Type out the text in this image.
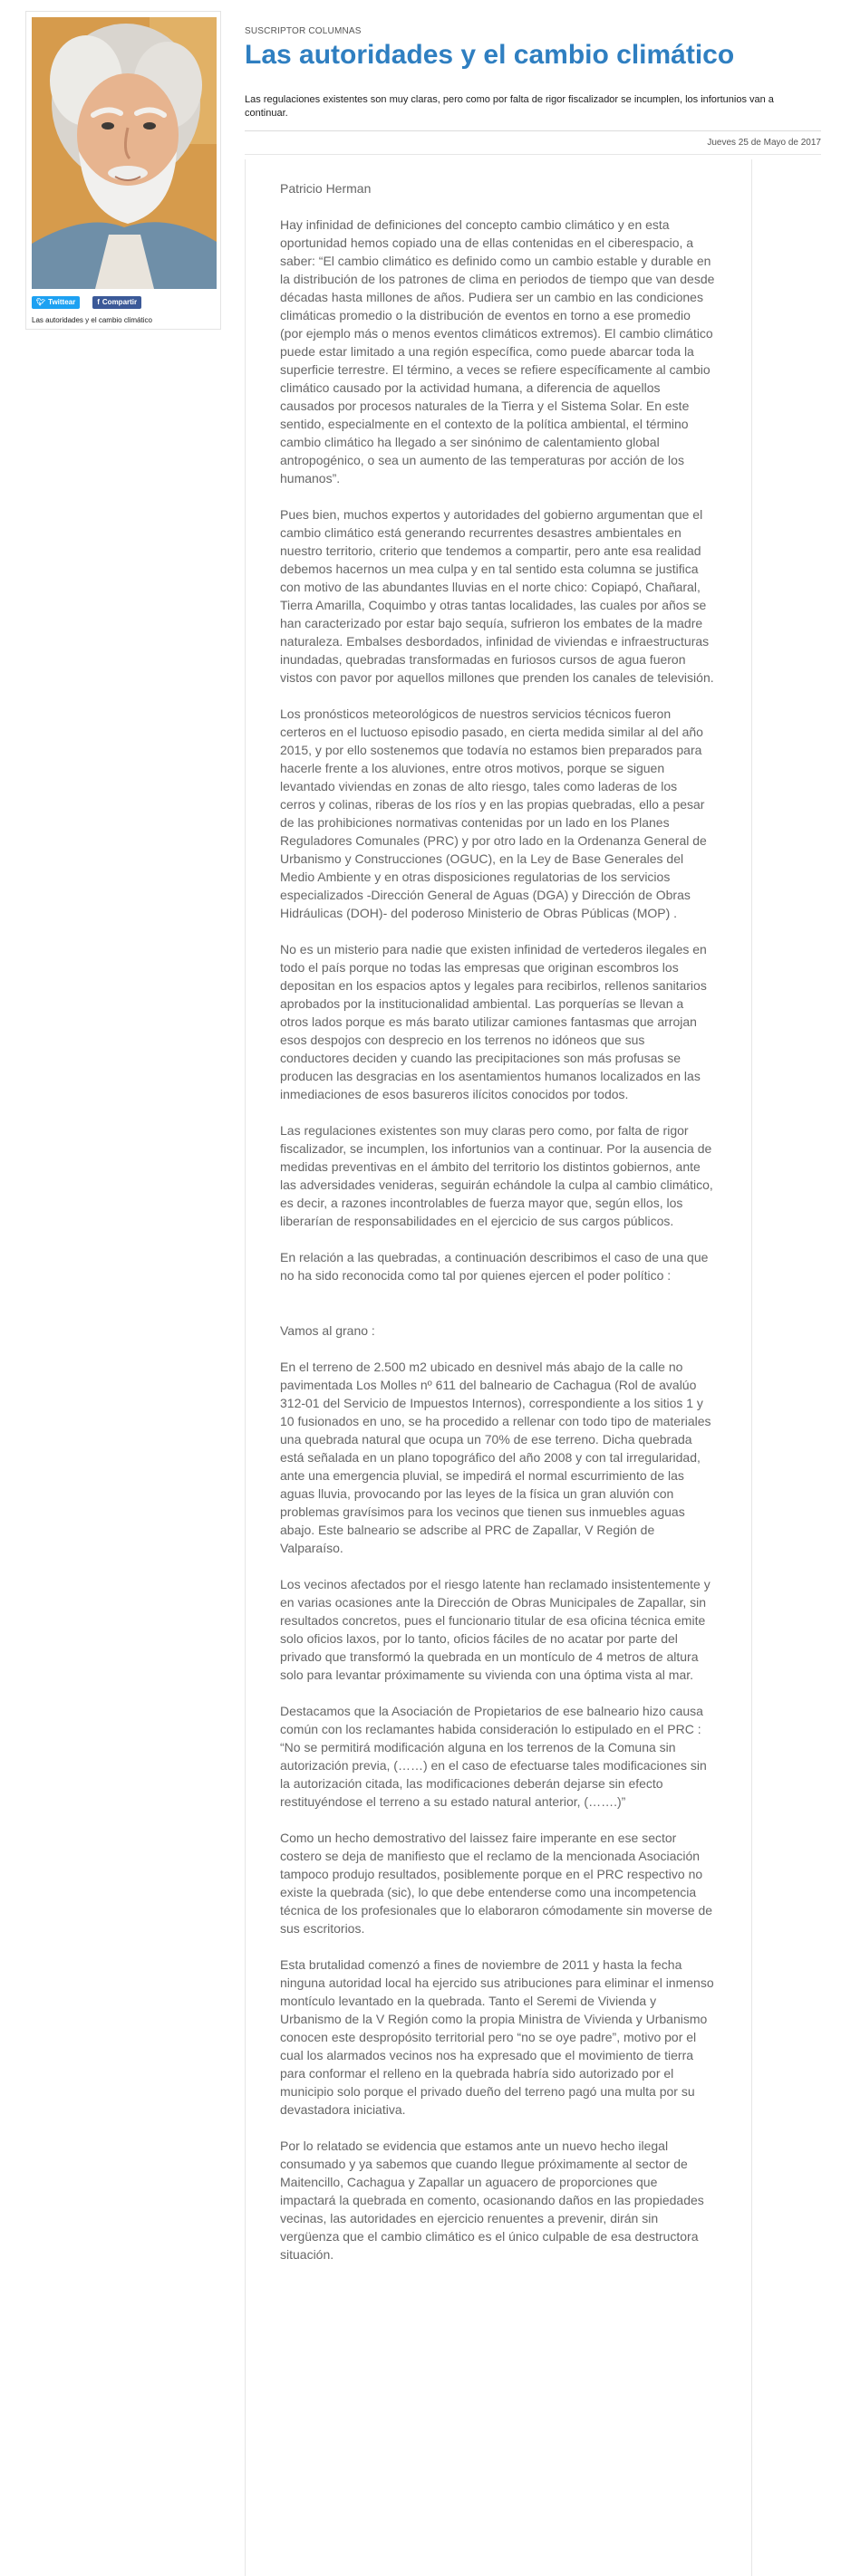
🐦︎ Twittear	f Compartir
Las autoridades y el cambio climático
SUSCRIPTOR COLUMNAS
Las autoridades y el cambio climático

Las regulaciones existentes son muy claras, pero como por falta de rigor fiscalizador se incumplen, los infortunios van a continuar.

Jueves 25 de Mayo de 2017

Patricio Herman

Hay infinidad de definiciones del concepto cambio climático y en esta oportunidad hemos copiado una de ellas contenidas en el ciberespacio, a saber: “El cambio climático es definido como un cambio estable y durable en la distribución de los patrones de clima en periodos de tiempo que van desde décadas hasta millones de años. Pudiera ser un cambio en las condiciones climáticas promedio o la distribución de eventos en torno a ese promedio (por ejemplo más o menos eventos climáticos extremos). El cambio climático puede estar limitado a una región específica, como puede abarcar toda la superficie terrestre. El término, a veces se refiere específicamente al cambio climático causado por la actividad humana, a diferencia de aquellos causados por procesos naturales de la Tierra y el Sistema Solar. En este sentido, especialmente en el contexto de la política ambiental, el término cambio climático ha llegado a ser sinónimo de calentamiento global antropogénico, o sea un aumento de las temperaturas por acción de los humanos”.

Pues bien, muchos expertos y autoridades del gobierno argumentan que el cambio climático está generando recurrentes desastres ambientales en nuestro territorio, criterio que tendemos a compartir, pero ante esa realidad debemos hacernos un mea culpa y en tal sentido esta columna se justifica con motivo de las abundantes lluvias en el norte chico: Copiapó, Chañaral, Tierra Amarilla, Coquimbo y otras tantas localidades, las cuales por años se han caracterizado por estar bajo sequía, sufrieron los embates de la madre naturaleza. Embalses desbordados, infinidad de viviendas e infraestructuras inundadas, quebradas transformadas en furiosos cursos de agua fueron vistos con pavor por aquellos millones que prenden los canales de televisión.

Los pronósticos meteorológicos de nuestros servicios técnicos fueron certeros en el luctuoso episodio pasado, en cierta medida similar al del año 2015, y por ello sostenemos que todavía no estamos bien preparados para hacerle frente a los aluviones, entre otros motivos, porque se siguen levantado viviendas en zonas de alto riesgo, tales como laderas de los cerros y colinas, riberas de los ríos y en las propias quebradas, ello a pesar de las prohibiciones normativas contenidas por un lado en los Planes Reguladores Comunales (PRC) y por otro lado en la Ordenanza General de Urbanismo y Construcciones (OGUC), en la Ley de Base Generales del Medio Ambiente y en otras disposiciones regulatorias de los servicios especializados -Dirección General de Aguas (DGA) y Dirección de Obras Hidráulicas (DOH)- del poderoso Ministerio de Obras Públicas (MOP) .

No es un misterio para nadie que existen infinidad de vertederos ilegales en todo el país porque no todas las empresas que originan escombros los depositan en los espacios aptos y legales para recibirlos, rellenos sanitarios aprobados por la institucionalidad ambiental. Las porquerías se llevan a otros lados porque es más barato utilizar camiones fantasmas que arrojan esos despojos con desprecio en los terrenos no idóneos que sus conductores deciden y cuando las precipitaciones son más profusas se producen las desgracias en los asentamientos humanos localizados en las inmediaciones de esos basureros ilícitos conocidos por todos.

Las regulaciones existentes son muy claras pero como, por falta de rigor fiscalizador, se incumplen, los infortunios van a continuar. Por la ausencia de medidas preventivas en el ámbito del territorio los distintos gobiernos, ante las adversidades venideras, seguirán echándole la culpa al cambio climático, es decir, a razones incontrolables de fuerza mayor que, según ellos, los liberarían de responsabilidades en el ejercicio de sus cargos públicos.

En relación a las quebradas, a continuación describimos el caso de una que no ha sido reconocida como tal por quienes ejercen el poder político :

Vamos al grano :

En el terreno de 2.500 m2 ubicado en desnivel más abajo de la calle no pavimentada Los Molles nº 611 del balneario de Cachagua (Rol de avalúo 312-01 del Servicio de Impuestos Internos), correspondiente a los sitios 1 y 10 fusionados en uno, se ha procedido a rellenar con todo tipo de materiales una quebrada natural que ocupa un 70% de ese terreno. Dicha quebrada está señalada en un plano topográfico del año 2008 y con tal irregularidad, ante una emergencia pluvial, se impedirá el normal escurrimiento de las aguas lluvia, provocando por las leyes de la física un gran aluvión con problemas gravísimos para los vecinos que tienen sus inmuebles aguas abajo. Este balneario se adscribe al PRC de Zapallar, V Región de Valparaíso.

Los vecinos afectados por el riesgo latente han reclamado insistentemente y en varias ocasiones ante la Dirección de Obras Municipales de Zapallar, sin resultados concretos, pues el funcionario titular de esa oficina técnica emite solo oficios laxos, por lo tanto, oficios fáciles de no acatar por parte del privado que transformó la quebrada en un montículo de 4 metros de altura solo para levantar próximamente su vivienda con una óptima vista al mar.

Destacamos que la Asociación de Propietarios de ese balneario hizo causa común con los reclamantes habida consideración lo estipulado en el PRC : “No se permitirá modificación alguna en los terrenos de la Comuna sin autorización previa, (……) en el caso de efectuarse tales modificaciones sin la autorización citada, las modificaciones deberán dejarse sin efecto restituyéndose el terreno a su estado natural anterior, (…….)”

Como un hecho demostrativo del laissez faire imperante en ese sector costero se deja de manifiesto que el reclamo de la mencionada Asociación tampoco produjo resultados, posiblemente porque en el PRC respectivo no existe la quebrada (sic), lo que debe entenderse como una incompetencia técnica de los profesionales que lo elaboraron cómodamente sin moverse de sus escritorios.

Esta brutalidad comenzó a fines de noviembre de 2011 y hasta la fecha ninguna autoridad local ha ejercido sus atribuciones para eliminar el inmenso montículo levantado en la quebrada. Tanto el Seremi de Vivienda y Urbanismo de la V Región como la propia Ministra de Vivienda y Urbanismo conocen este despropósito territorial pero “no se oye padre”, motivo por el cual los alarmados vecinos nos ha expresado que el movimiento de tierra para conformar el relleno en la quebrada habría sido autorizado por el municipio solo porque el privado dueño del terreno pagó una multa por su devastadora iniciativa.

Por lo relatado se evidencia que estamos ante un nuevo hecho ilegal consumado y ya sabemos que cuando llegue próximamente al sector de Maitencillo, Cachagua y Zapallar un aguacero de proporciones que impactará la quebrada en comento, ocasionando daños en las propiedades vecinas, las autoridades en ejercicio renuentes a prevenir, dirán sin vergüenza que el cambio climático es el único culpable de esa destructora situación.
